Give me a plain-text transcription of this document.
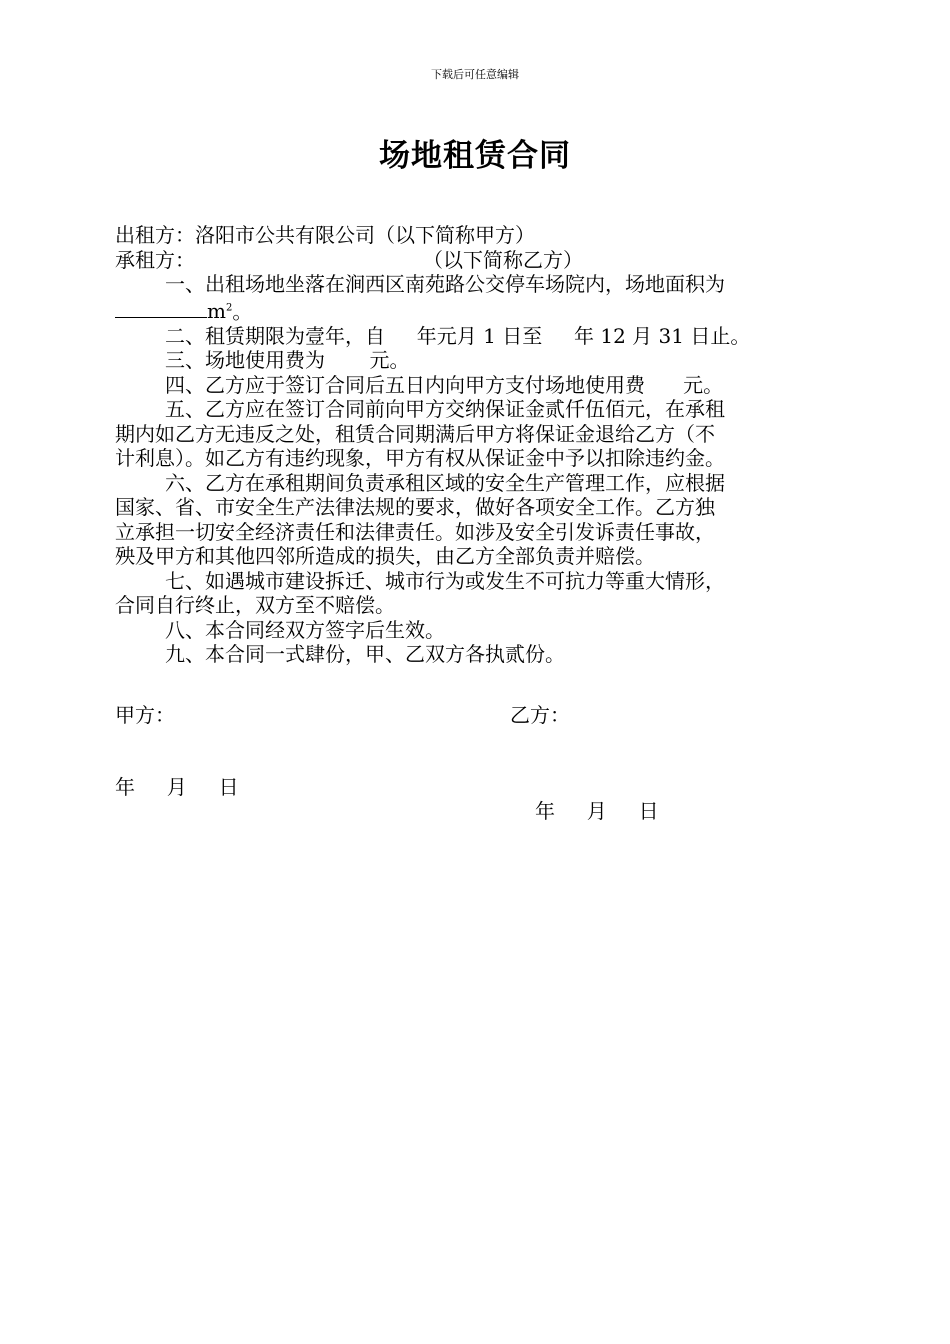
下载后可任意编辑
场地租赁合同
出租方：洛阳市公共有限公司（以下简称甲方）
承租方：	（以下简称乙方）
一、出租场地坐落在涧西区南苑路公交停车场院内，场地面积为
$m^2$。
二、租赁期限为壹年，自     年元月 1 日至     年 12 月 31 日止。
三、场地使用费为       元。
四、乙方应于签订合同后五日内向甲方支付场地使用费      元。
五、乙方应在签订合同前向甲方交纳保证金贰仟伍佰元，在承租
期内如乙方无违反之处，租赁合同期满后甲方将保证金退给乙方（不
计利息）。如乙方有违约现象，甲方有权从保证金中予以扣除违约金。
六、乙方在承租期间负责承租区域的安全生产管理工作，应根据
国家、省、市安全生产法律法规的要求，做好各项安全工作。乙方独
立承担一切安全经济责任和法律责任。如涉及安全引发诉责任事故，
殃及甲方和其他四邻所造成的损失，由乙方全部负责并赔偿。
七、如遇城市建设拆迁、城市行为或发生不可抗力等重大情形，
合同自行终止，双方至不赔偿。
八、本合同经双方签字后生效。
九、本合同一式肆份，甲、乙双方各执贰份。
甲方：	乙方：

年     月     日

年     月     日
